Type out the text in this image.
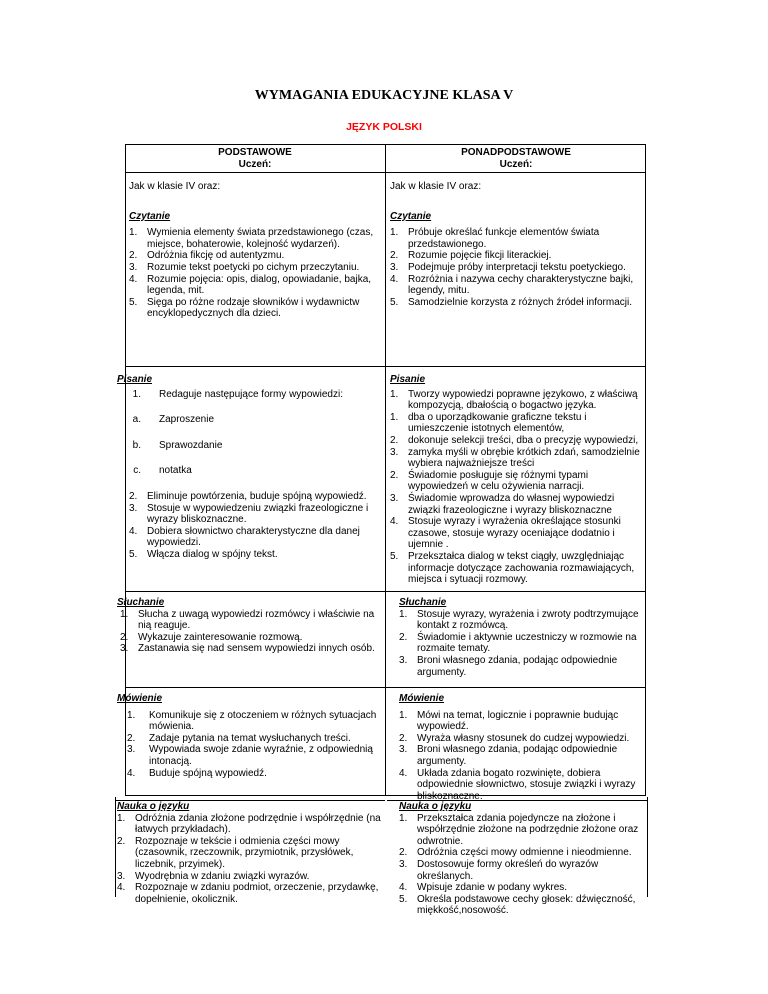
WYMAGANIA EDUKACYJNE KLASA V
JĘZYK POLSKI
PODSTAWOWE
Uczeń:
PONADPODSTAWOWE
Uczeń:
Jak w klasie IV oraz:
Czytanie
1. Wymienia elementy świata przedstawionego (czas, miejsce, bohaterowie, kolejność wydarzeń).
2. Odróżnia fikcję od autentyzmu.
3. Rozumie tekst poetycki po cichym przeczytaniu.
4. Rozumie pojęcia: opis, dialog, opowiadanie, bajka, legenda, mit.
5. Sięga po różne rodzaje słowników i wydawnictw encyklopedycznych dla dzieci.
Jak w klasie IV oraz:
Czytanie
1. Próbuje określać funkcje elementów świata przedstawionego.
2. Rozumie pojęcie fikcji literackiej.
3. Podejmuje próby interpretacji tekstu poetyckiego.
4. Rozróżnia i nazywa cechy charakterystyczne bajki, legendy, mitu.
5. Samodzielnie korzysta z różnych źródeł informacji.
Pisanie
1.	Redaguje następujące formy wypowiedzi:
a.	Zaproszenie
b.	Sprawozdanie
c.	notatka
2. Eliminuje powtórzenia, buduje spójną wypowiedź.
3. Stosuje w wypowiedzeniu związki frazeologiczne i wyrazy bliskoznaczne.
4. Dobiera słownictwo charakterystyczne dla danej wypowiedzi.
5. Włącza dialog w spójny tekst.
Pisanie
1. Tworzy wypowiedzi poprawne językowo, z właściwą kompozycją, dbałością o bogactwo języka.
1. dba o uporządkowanie graficzne tekstu i umieszczenie istotnych elementów,
2. dokonuje selekcji treści, dba o precyzję wypowiedzi,
3. zamyka myśli w obrębie krótkich zdań, samodzielnie wybiera najważniejsze treści
2. Świadomie posługuje się różnymi typami wypowiedzeń w celu ożywienia narracji.
3. Świadomie wprowadza do własnej wypowiedzi związki frazeologiczne i wyrazy bliskoznaczne
4. Stosuje wyrazy i wyrażenia określające stosunki czasowe, stosuje wyrazy oceniające dodatnio i ujemnie .
5. Przekształca dialog w tekst ciągły, uwzględniając informacje dotyczące zachowania rozmawiających, miejsca i sytuacji rozmowy.
Słuchanie
1. Słucha z uwagą wypowiedzi rozmówcy i właściwie na nią reaguje.
2. Wykazuje zainteresowanie rozmową.
3. Zastanawia się nad sensem wypowiedzi innych osób.
Słuchanie
1. Stosuje wyrazy, wyrażenia i zwroty podtrzymujące kontakt z rozmówcą.
2. Świadomie i aktywnie uczestniczy w rozmowie na rozmaite tematy.
3. Broni własnego zdania, podając odpowiednie argumenty.
Mówienie
1.	Komunikuje się z otoczeniem w różnych sytuacjach mówienia.
2.	Zadaje pytania na temat wysłuchanych treści.
3.	Wypowiada swoje zdanie wyraźnie, z odpowiednią intonacją.
4.	Buduje spójną wypowiedź.
Mówienie
1. Mówi na temat, logicznie i poprawnie budując wypowiedź.
2. Wyraża własny stosunek do cudzej wypowiedzi.
3. Broni własnego zdania, podając odpowiednie argumenty.
4. Układa zdania bogato rozwinięte, dobiera odpowiednie słownictwo, stosuje związki i wyrazy bliskoznaczne.
Nauka o języku
1. Odróżnia zdania złożone podrzędnie i współrzędnie (na łatwych przykładach).
2. Rozpoznaje w tekście i odmienia części mowy (czasownik, rzeczownik, przymiotnik, przysłówek, liczebnik, przyimek).
3. Wyodrębnia w zdaniu związki wyrazów.
4. Rozpoznaje w zdaniu podmiot, orzeczenie, przydawkę, dopełnienie, okolicznik.
Nauka o języku
1. Przekształca zdania pojedyncze na złożone i współrzędnie złożone na podrzędnie złożone oraz odwrotnie.
2. Odróżnia części mowy odmienne i nieodmienne.
3. Dostosowuje formy określeń do wyrazów określanych.
4. Wpisuje zdanie w podany wykres.
5. Określa podstawowe cechy głosek: dźwięczność, miękkość,nosowość.
